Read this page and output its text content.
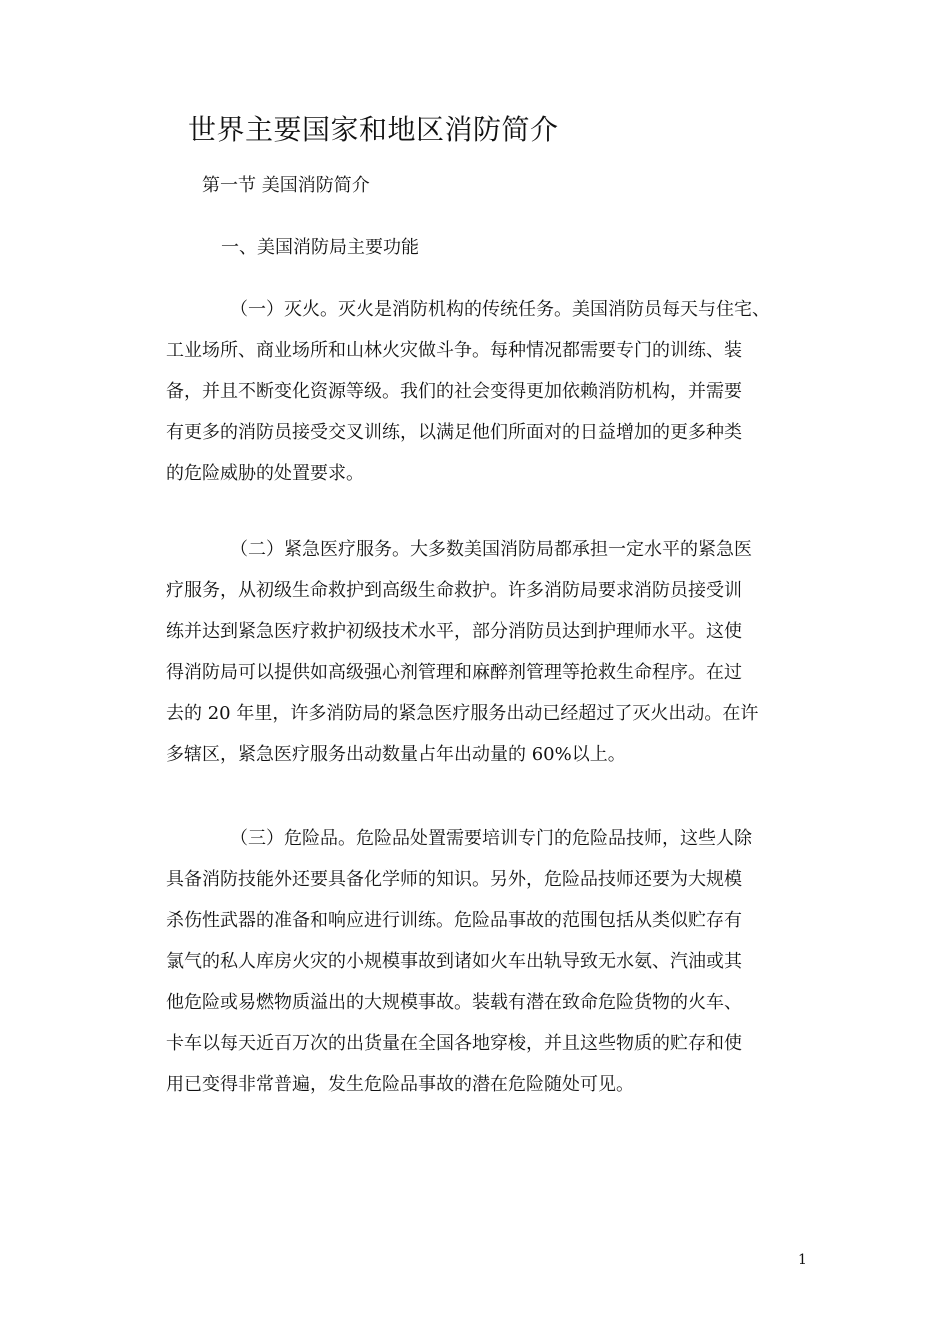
世界主要国家和地区消防简介
第一节 美国消防简介
一、美国消防局主要功能
（一）灭火。灭火是消防机构的传统任务。美国消防员每天与住宅、
工业场所、商业场所和山林火灾做斗争。每种情况都需要专门的训练、装
备，并且不断变化资源等级。我们的社会变得更加依赖消防机构，并需要
有更多的消防员接受交叉训练，以满足他们所面对的日益增加的更多种类
的危险威胁的处置要求。
（二）紧急医疗服务。大多数美国消防局都承担一定水平的紧急医
疗服务，从初级生命救护到高级生命救护。许多消防局要求消防员接受训
练并达到紧急医疗救护初级技术水平，部分消防员达到护理师水平。这使
得消防局可以提供如高级强心剂管理和麻醉剂管理等抢救生命程序。在过
去的 20 年里，许多消防局的紧急医疗服务出动已经超过了灭火出动。在许
多辖区，紧急医疗服务出动数量占年出动量的 60%以上。
（三）危险品。危险品处置需要培训专门的危险品技师，这些人除
具备消防技能外还要具备化学师的知识。另外，危险品技师还要为大规模
杀伤性武器的准备和响应进行训练。危险品事故的范围包括从类似贮存有
氯气的私人库房火灾的小规模事故到诸如火车出轨导致无水氨、汽油或其
他危险或易燃物质溢出的大规模事故。装载有潜在致命危险货物的火车、
卡车以每天近百万次的出货量在全国各地穿梭，并且这些物质的贮存和使
用已变得非常普遍，发生危险品事故的潜在危险随处可见。
1
